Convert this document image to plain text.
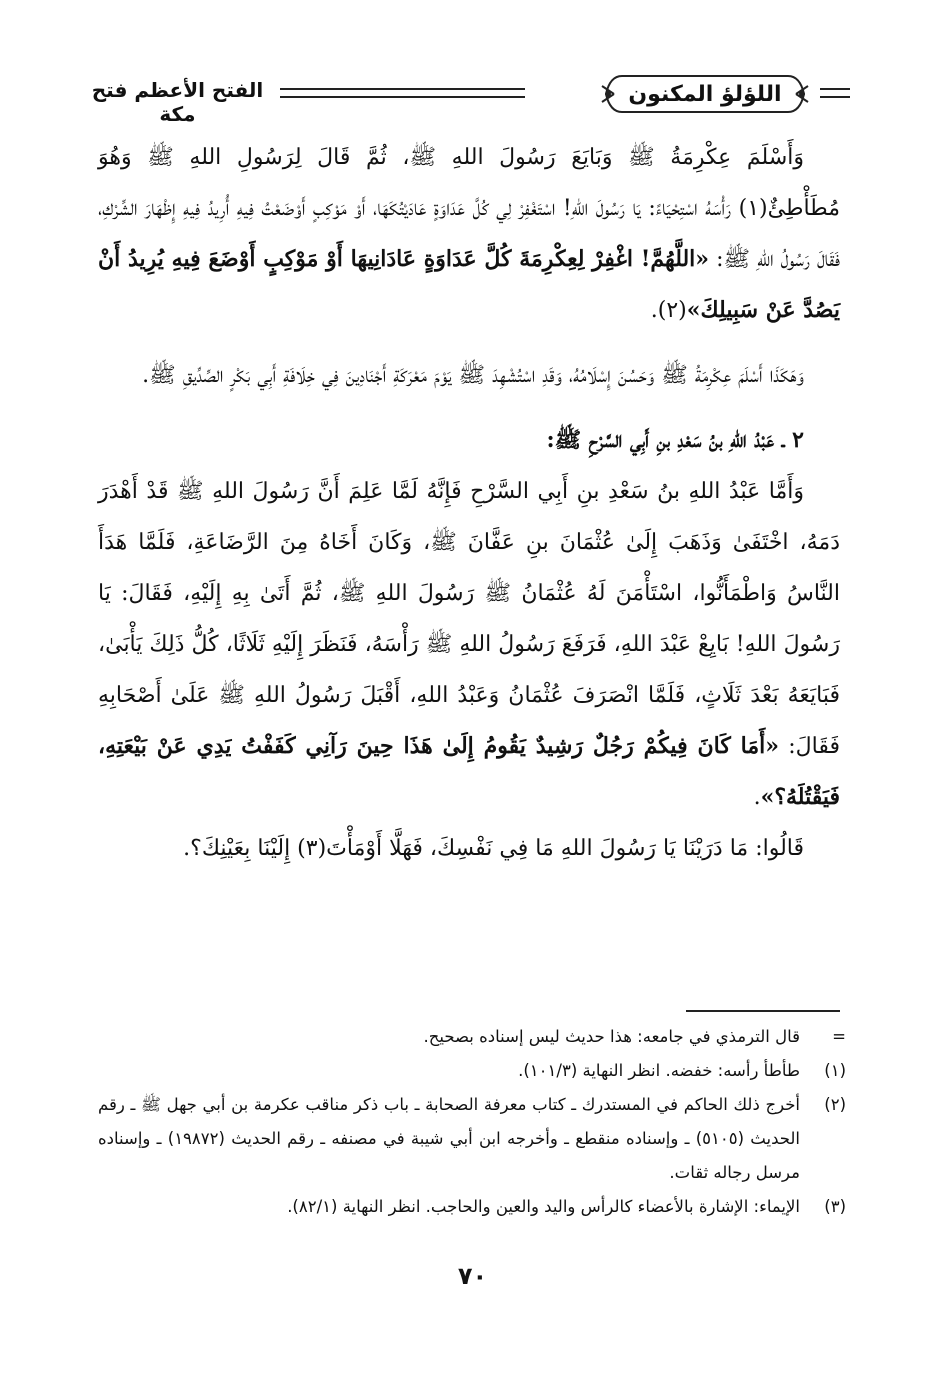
اللؤلؤ المكنون
الفتح الأعظم فتح مكة

وَأَسْلَمَ عِكْرِمَةُ ﷺ وَبَايَعَ رَسُولَ اللهِ ﷺ، ثُمَّ قَالَ لِرَسُولِ اللهِ ﷺ وَهُوَ مُطَأْطِئٌ(١) رَأْسَهُ اسْتِحْيَاءً: يَا رَسُولَ اللهِ! اسْتَغْفِرْ لِي كُلَّ عَدَاوَةٍ عَادَيْتُكَهَا، أَوْ مَوْكِبٍ أَوْضَعْتُ فِيهِ أُرِيدُ فِيهِ إِظْهَارَ الشِّرْكِ، فَقَالَ رَسُولُ اللهِ ﷺ: «اللَّهُمَّ! اغْفِرْ لِعِكْرِمَةَ كُلَّ عَدَاوَةٍ عَادَانِيهَا أَوْ مَوْكِبٍ أَوْضَعَ فِيهِ يُرِيدُ أَنْ يَصُدَّ عَنْ سَبِيلِكَ»(٢).

وَهَكَذَا أَسْلَمَ عِكْرِمَةُ ﷺ وَحَسُنَ إِسْلَامُهُ، وَقَدِ اسْتُشْهِدَ ﷺ يَوْمَ مَعْرَكَةِ أَجْنَادِينَ فِي خِلَافَةِ أَبِي بَكْرٍ الصِّدِّيقِ ﷺ.

٢ ـ عَبْدُ اللهِ بنُ سَعْدِ بنِ أَبِي السَّرْحِ ﷺ:

وَأَمَّا عَبْدُ اللهِ بنُ سَعْدِ بنِ أَبِي السَّرْحِ فَإِنَّهُ لَمَّا عَلِمَ أَنَّ رَسُولَ اللهِ ﷺ قَدْ أَهْدَرَ دَمَهُ، اخْتَفَىٰ وَذَهَبَ إِلَىٰ عُثْمَانَ بنِ عَفَّانَ ﷺ، وَكَانَ أَخَاهُ مِنَ الرَّضَاعَةِ، فَلَمَّا هَدَأَ النَّاسُ وَاطْمَأَنُّوا، اسْتَأْمَنَ لَهُ عُثْمَانُ ﷺ رَسُولَ اللهِ ﷺ، ثُمَّ أَتَىٰ بِهِ إِلَيْهِ، فَقَالَ: يَا رَسُولَ اللهِ! بَايِعْ عَبْدَ اللهِ، فَرَفَعَ رَسُولُ اللهِ ﷺ رَأْسَهُ، فَنَظَرَ إِلَيْهِ ثَلَاثًا، كُلُّ ذَلِكَ يَأْبَىٰ، فَبَايَعَهُ بَعْدَ ثَلَاثٍ، فَلَمَّا انْصَرَفَ عُثْمَانُ وَعَبْدُ اللهِ، أَقْبَلَ رَسُولُ اللهِ ﷺ عَلَىٰ أَصْحَابِهِ فَقَالَ: «أَمَا كَانَ فِيكُمْ رَجُلٌ رَشِيدٌ يَقُومُ إِلَىٰ هَذَا حِينَ رَآنِي كَفَفْتُ يَدِي عَنْ بَيْعَتِهِ، فَيَقْتُلَهُ؟».

قَالُوا: مَا دَرَيْنَا يَا رَسُولَ اللهِ مَا فِي نَفْسِكَ، فَهَلَّا أَوْمَأْتَ(٣) إِلَيْنَا بِعَيْنِكَ؟.

=
قال الترمذي في جامعه: هذا حديث ليس إسناده بصحيح.
(١)
طأطأ رأسه: خفضه. انظر النهاية (١٠١/٣).
(٢)
أخرج ذلك الحاكم في المستدرك ـ كتاب معرفة الصحابة ـ باب ذكر مناقب عكرمة بن أبي جهل ﷺ ـ رقم الحديث (٥١٠٥) ـ وإسناده منقطع ـ وأخرجه ابن أبي شيبة في مصنفه ـ رقم الحديث (١٩٨٧٢) ـ وإسناده مرسل رجاله ثقات.
(٣)
الإيماء: الإشارة بالأعضاء كالرأس واليد والعين والحاجب. انظر النهاية (٨٢/١).
٧٠
